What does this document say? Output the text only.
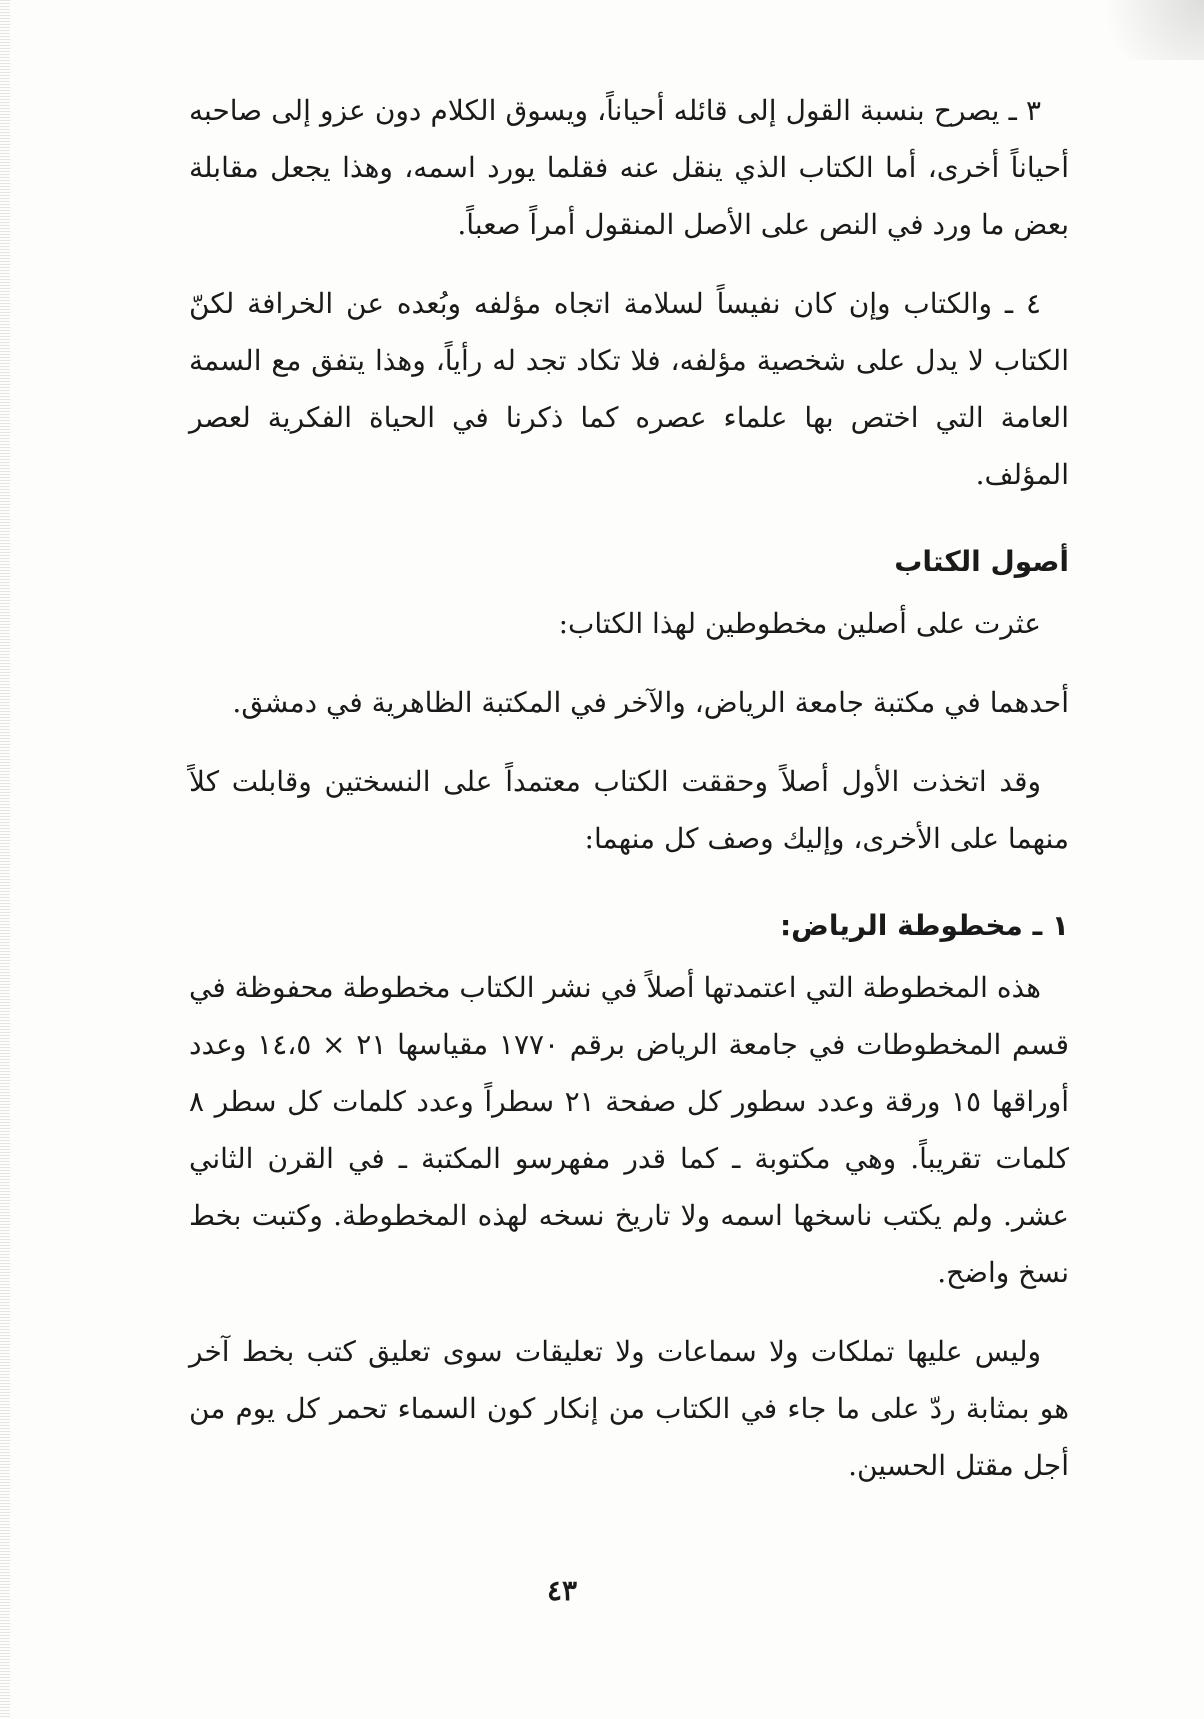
٣ ـ يصرح بنسبة القول إلى قائله أحياناً، ويسوق الكلام دون عزو إلى صاحبه أحياناً أخرى، أما الكتاب الذي ينقل عنه فقلما يورد اسمه، وهذا يجعل مقابلة بعض ما ورد في النص على الأصل المنقول أمراً صعباً.

٤ ـ والكتاب وإن كان نفيساً لسلامة اتجاه مؤلفه وبُعده عن الخرافة لكنّ الكتاب لا يدل على شخصية مؤلفه، فلا تكاد تجد له رأياً، وهذا يتفق مع السمة العامة التي اختص بها علماء عصره كما ذكرنا في الحياة الفكرية لعصر المؤلف.

أصول الكتاب

عثرت على أصلين مخطوطين لهذا الكتاب:

أحدهما في مكتبة جامعة الرياض، والآخر في المكتبة الظاهرية في دمشق.

وقد اتخذت الأول أصلاً وحققت الكتاب معتمداً على النسختين وقابلت كلاً منهما على الأخرى، وإليك وصف كل منهما:

١ ـ مخطوطة الرياض:

هذه المخطوطة التي اعتمدتها أصلاً في نشر الكتاب مخطوطة محفوظة في قسم المخطوطات في جامعة الرياض برقم ١٧٧٠ مقياسها ٢١ × ١٤،٥ وعدد أوراقها ١٥ ورقة وعدد سطور كل صفحة ٢١ سطراً وعدد كلمات كل سطر ٨ كلمات تقريباً. وهي مكتوبة ـ كما قدر مفهرسو المكتبة ـ في القرن الثاني عشر. ولم يكتب ناسخها اسمه ولا تاريخ نسخه لهذه المخطوطة. وكتبت بخط نسخ واضح.

وليس عليها تملكات ولا سماعات ولا تعليقات سوى تعليق كتب بخط آخر هو بمثابة ردّ على ما جاء في الكتاب من إنكار كون السماء تحمر كل يوم من أجل مقتل الحسين.

٤٣
